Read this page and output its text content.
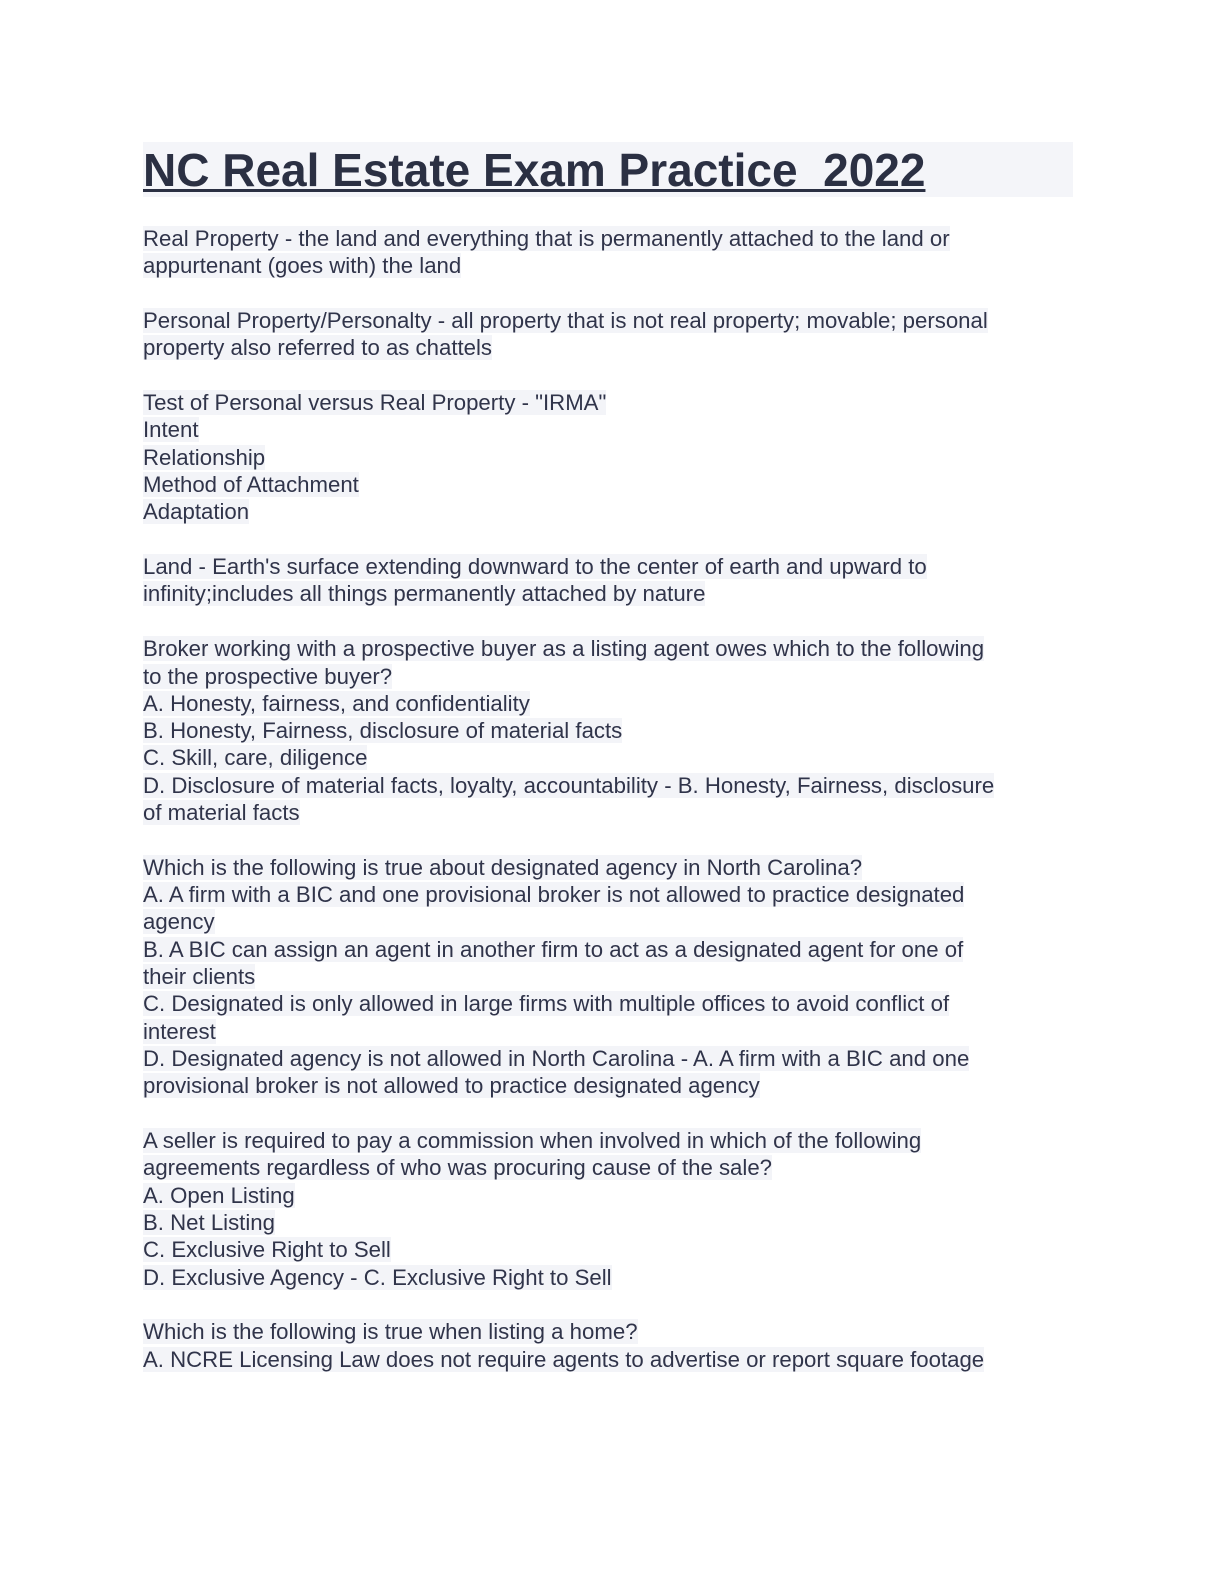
NC Real Estate Exam Practice  2022
Real Property - the land and everything that is permanently attached to the land or
appurtenant (goes with) the land
Personal Property/Personalty - all property that is not real property; movable; personal
property also referred to as chattels
Test of Personal versus Real Property - "IRMA"
Intent
Relationship
Method of Attachment
Adaptation
Land - Earth's surface extending downward to the center of earth and upward to
infinity;includes all things permanently attached by nature
Broker working with a prospective buyer as a listing agent owes which to the following
to the prospective buyer?
A. Honesty, fairness, and confidentiality
B. Honesty, Fairness, disclosure of material facts
C. Skill, care, diligence
D. Disclosure of material facts, loyalty, accountability - B. Honesty, Fairness, disclosure
of material facts
Which is the following is true about designated agency in North Carolina?
A. A firm with a BIC and one provisional broker is not allowed to practice designated
agency
B. A BIC can assign an agent in another firm to act as a designated agent for one of
their clients
C. Designated is only allowed in large firms with multiple offices to avoid conflict of
interest
D. Designated agency is not allowed in North Carolina - A. A firm with a BIC and one
provisional broker is not allowed to practice designated agency
A seller is required to pay a commission when involved in which of the following
agreements regardless of who was procuring cause of the sale?
A. Open Listing
B. Net Listing
C. Exclusive Right to Sell
D. Exclusive Agency - C. Exclusive Right to Sell
Which is the following is true when listing a home?
A. NCRE Licensing Law does not require agents to advertise or report square footage
